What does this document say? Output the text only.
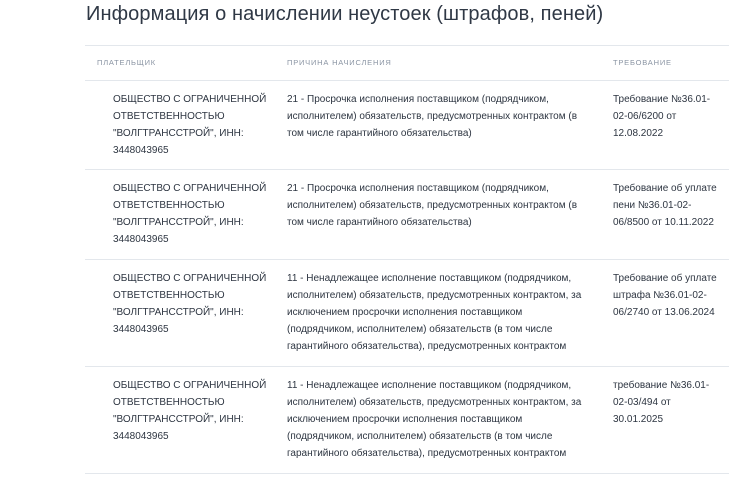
Информация о начислении неустоек (штрафов, пеней)
ПЛАТЕЛЬЩИК	ПРИЧИНА НАЧИСЛЕНИЯ	ТРЕБОВАНИЕ
ОБЩЕСТВО С ОГРАНИЧЕННОЙ ОТВЕТСТВЕННОСТЬЮ "ВОЛГТРАНССТРОЙ", ИНН: 3448043965
21 - Просрочка исполнения поставщиком (подрядчиком, исполнителем) обязательств, предусмотренных контрактом (в том числе гарантийного обязательства)
Требование №36.01-02-06/6200 от 12.08.2022
ОБЩЕСТВО С ОГРАНИЧЕННОЙ ОТВЕТСТВЕННОСТЬЮ "ВОЛГТРАНССТРОЙ", ИНН: 3448043965
21 - Просрочка исполнения поставщиком (подрядчиком, исполнителем) обязательств, предусмотренных контрактом (в том числе гарантийного обязательства)
Требование об уплате пени №36.01-02-06/8500 от 10.11.2022
ОБЩЕСТВО С ОГРАНИЧЕННОЙ ОТВЕТСТВЕННОСТЬЮ "ВОЛГТРАНССТРОЙ", ИНН: 3448043965
11 - Ненадлежащее исполнение поставщиком (подрядчиком, исполнителем) обязательств, предусмотренных контрактом, за исключением просрочки исполнения поставщиком (подрядчиком, исполнителем) обязательств (в том числе гарантийного обязательства), предусмотренных контрактом
Требование об уплате штрафа №36.01-02-06/2740 от 13.06.2024
ОБЩЕСТВО С ОГРАНИЧЕННОЙ ОТВЕТСТВЕННОСТЬЮ "ВОЛГТРАНССТРОЙ", ИНН: 3448043965
11 - Ненадлежащее исполнение поставщиком (подрядчиком, исполнителем) обязательств, предусмотренных контрактом, за исключением просрочки исполнения поставщиком (подрядчиком, исполнителем) обязательств (в том числе гарантийного обязательства), предусмотренных контрактом
требование №36.01-02-03/494 от 30.01.2025
